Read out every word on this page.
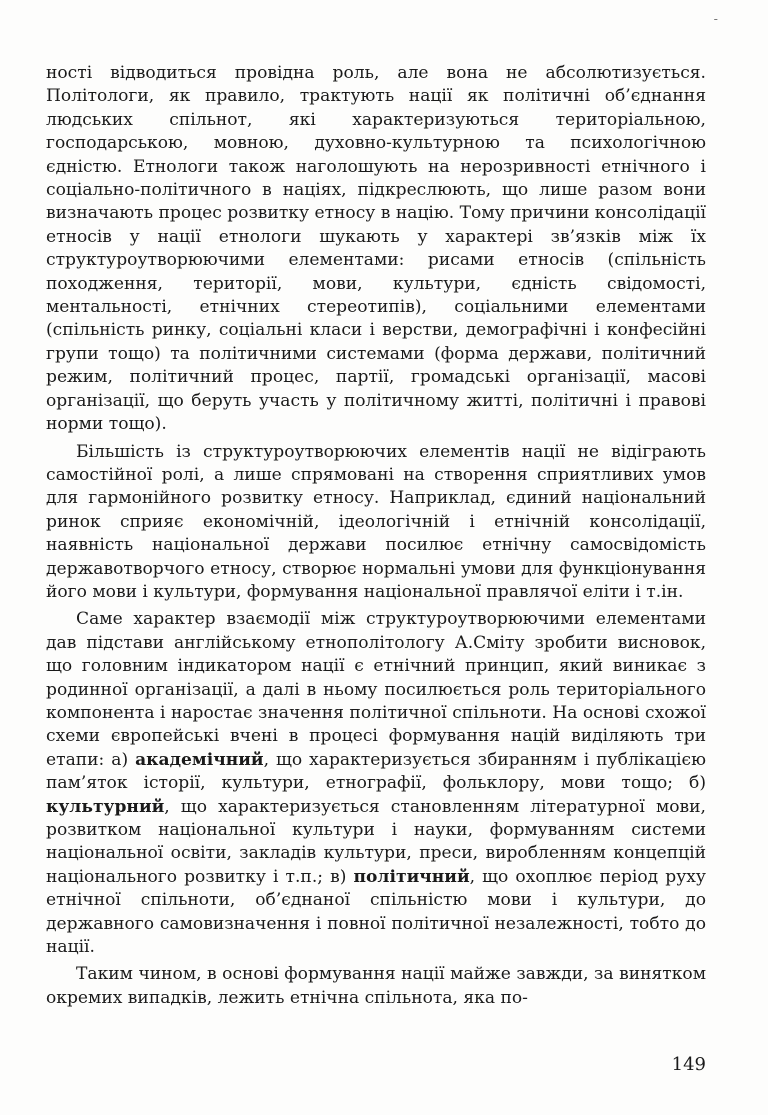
-

ності відводиться провідна роль, але вона не абсолютизується. Політологи, як правило, трактують нації як політичні об’єднання людських спільнот, які характеризуються територіальною, господарською, мовною, духовно-культурною та психологічною єдністю. Етнологи також наголошують на нерозривності етнічного і соціально-політичного в націях, підкреслюють, що лише разом вони визначають процес розвитку етносу в націю. Тому причини консолідації етносів у нації етнологи шукають у характері зв’язків між їх структуроутворюючими елементами: рисами етносів (спільність походження, території, мови, культури, єдність свідомості, ментальності, етнічних стереотипів), соціальними елементами (спільність ринку, соціальні класи і верстви, демографічні і конфесійні групи тощо) та політичними системами (форма держави, політичний режим, політичний процес, партії, громадські організації, масові організації, що беруть участь у політичному житті, політичні і правові норми тощо).

Більшість із структуроутворюючих елементів нації не відіграють самостійної ролі, а лише спрямовані на створення сприятливих умов для гармонійного розвитку етносу. Наприклад, єдиний національний ринок сприяє економічній, ідеологічній і етнічній консолідації, наявність національної держави посилює етнічну самосвідомість державотворчого етносу, створює нормальні умови для функціонування його мови і культури, формування національної правлячої еліти і т.ін.

Саме характер взаємодії між структуроутворюючими елементами дав підстави англійському етнополітологу А.Сміту зробити висновок, що головним індикатором нації є етнічний принцип, який виникає з родинної організації, а далі в ньому посилюється роль територіального компонента і наростає значення політичної спільноти. На основі схожої схеми європейські вчені в процесі формування націй виділяють три етапи: а) академічний, що характеризується збиранням і публікацією пам’яток історії, культури, етнографії, фольклору, мови тощо; б) культурний, що характеризується становленням літературної мови, розвитком національної культури і науки, формуванням системи національної освіти, закладів культури, преси, виробленням концепцій національного розвитку і т.п.; в) політичний, що охоплює період руху етнічної спільноти, об’єднаної спільністю мови і культури, до державного самовизначення і повної політичної незалежності, тобто до нації.

Таким чином, в основі формування нації майже завжди, за винятком окремих випадків, лежить етнічна спільнота, яка по-

149
